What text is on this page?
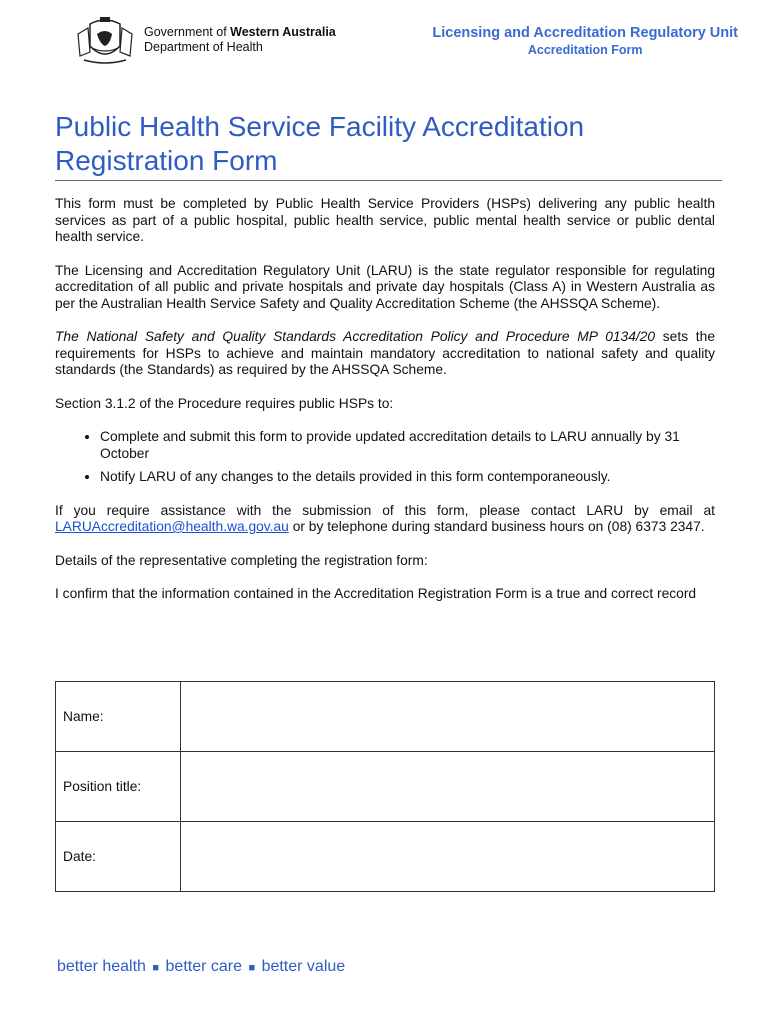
Government of Western Australia
Department of Health
Licensing and Accreditation Regulatory Unit
Accreditation Form
Public Health Service Facility Accreditation Registration Form

This form must be completed by Public Health Service Providers (HSPs) delivering any public health services as part of a public hospital, public health service, public mental health service or public dental health service.

The Licensing and Accreditation Regulatory Unit (LARU) is the state regulator responsible for regulating accreditation of all public and private hospitals and private day hospitals (Class A) in Western Australia as per the Australian Health Service Safety and Quality Accreditation Scheme (the AHSSQA Scheme).

The National Safety and Quality Standards Accreditation Policy and Procedure MP 0134/20 sets the requirements for HSPs to achieve and maintain mandatory accreditation to national safety and quality standards (the Standards) as required by the AHSSQA Scheme.

Section 3.1.2 of the Procedure requires public HSPs to:

• Complete and submit this form to provide updated accreditation details to LARU annually by 31 October
• Notify LARU of any changes to the details provided in this form contemporaneously.

If you require assistance with the submission of this form, please contact LARU by email at LARUAccreditation@health.wa.gov.au or by telephone during standard business hours on (08) 6373 2347.

Details of the representative completing the registration form:

I confirm that the information contained in the Accreditation Registration Form is a true and correct record

Name:	
Position title:	
Date:	
better health ■ better care ■ better value
